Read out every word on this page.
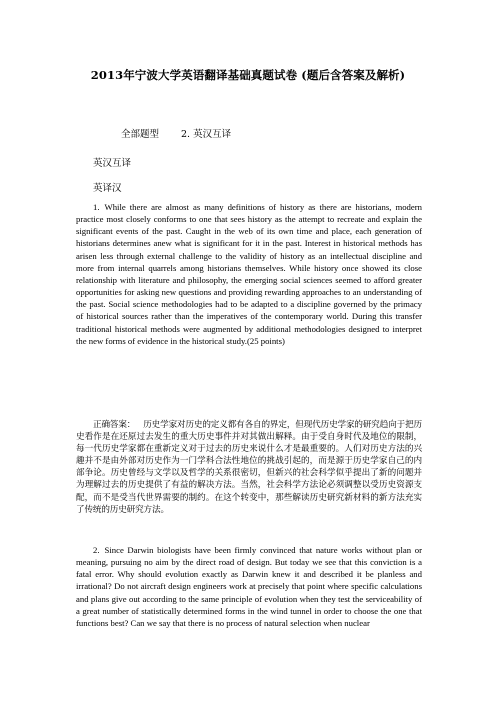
2013年宁波大学英语翻译基础真题试卷 (题后含答案及解析)
全部题型 2. 英汉互译
英汉互译
英译汉

1. While there are almost as many definitions of history as there are historians, modern practice most closely conforms to one that sees history as the attempt to recreate and explain the significant events of the past. Caught in the web of its own time and place, each generation of historians determines anew what is significant for it in the past. Interest in historical methods has arisen less through external challenge to the validity of history as an intellectual discipline and more from internal quarrels among historians themselves. While history once showed its close relationship with literature and philosophy, the emerging social sciences seemed to afford greater opportunities for asking new questions and providing rewarding approaches to an understanding of the past. Social science methodologies had to be adapted to a discipline governed by the primacy of historical sources rather than the imperatives of the contemporary world. During this transfer traditional historical methods were augmented by additional methodologies designed to interpret the new forms of evidence in the historical study.(25 points)

正确答案： 历史学家对历史的定义都有各自的界定，但现代历史学家的研究趋向于把历史看作是在还原过去发生的重大历史事件并对其做出解释。由于受自身时代及地位的限制，每一代历史学家都在重新定义对于过去的历史来说什么才是最重要的。人们对历史方法的兴趣并不是由外部对历史作为一门学科合法性地位的挑战引起的，而是源于历史学家自己的内部争论。历史曾经与文学以及哲学的关系很密切，但新兴的社会科学似乎提出了新的问题并为理解过去的历史提供了有益的解决方法。当然，社会科学方法论必须调整以受历史资源支配，而不是受当代世界需要的制约。在这个转变中，那些解读历史研究新材料的新方法充实了传统的历史研究方法。

2. Since Darwin biologists have been firmly convinced that nature works without plan or meaning, pursuing no aim by the direct road of design. But today we see that this conviction is a fatal error. Why should evolution exactly as Darwin knew it and described it be planless and irrational? Do not aircraft design engineers work at precisely that point where specific calculations and plans give out according to the same principle of evolution when they test the serviceability of a great number of statistically determined forms in the wind tunnel in order to choose the one that functions best? Can we say that there is no process of natural selection when nuclear
